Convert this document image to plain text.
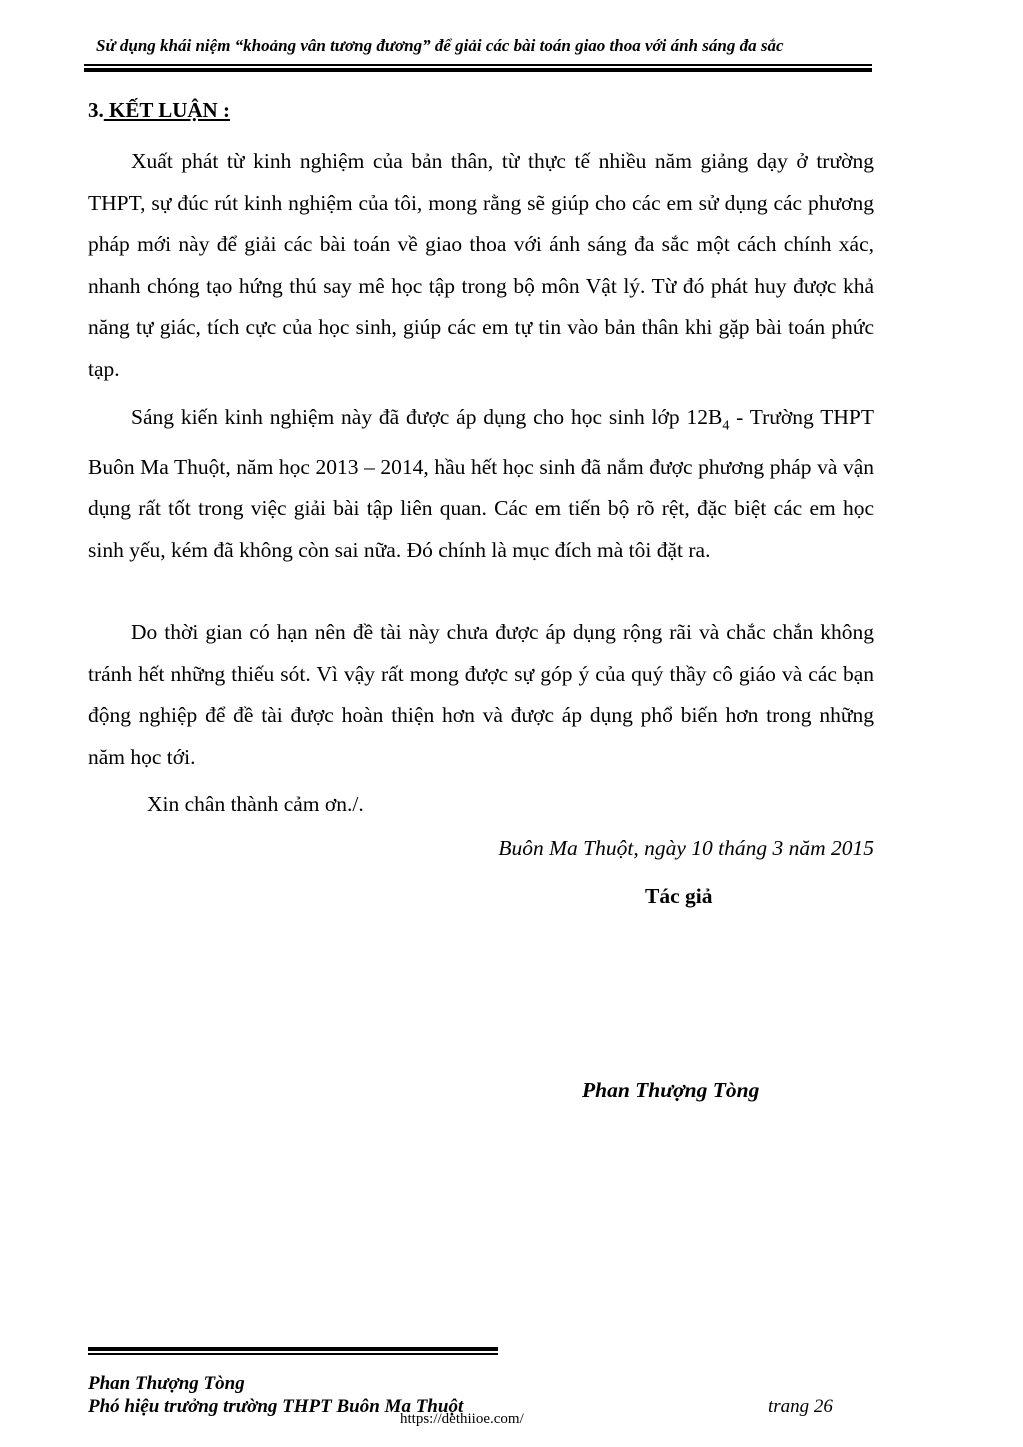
Sử dụng khái niệm “khoảng vân tương đương” để giải các bài toán giao thoa với ánh sáng đa sắc
3. KẾT LUẬN :
Xuất phát từ kinh nghiệm của bản thân, từ thực tế nhiều năm giảng dạy ở trường THPT, sự đúc rút kinh nghiệm của tôi, mong rằng sẽ giúp cho các em sử dụng các phương pháp mới này để giải các bài toán về giao thoa với ánh sáng đa sắc một cách chính xác, nhanh chóng tạo hứng thú say mê học tập trong bộ môn Vật lý. Từ đó phát huy được khả năng tự giác, tích cực của học sinh, giúp các em tự tin vào bản thân khi gặp bài toán phức tạp.
Sáng kiến kinh nghiệm này đã được áp dụng cho học sinh lớp $12B_4$ - Trường THPT Buôn Ma Thuột, năm học 2013 – 2014, hầu hết học sinh đã nắm được phương pháp và vận dụng rất tốt trong việc giải bài tập liên quan. Các em tiến bộ rõ rệt, đặc biệt các em học sinh yếu, kém đã không còn sai nữa. Đó chính là mục đích mà tôi đặt ra.
Do thời gian có hạn nên đề tài này chưa được áp dụng rộng rãi và chắc chắn không tránh hết những thiếu sót. Vì vậy rất mong được sự góp ý của quý thầy cô giáo và các bạn động nghiệp để đề tài được hoàn thiện hơn và được áp dụng phổ biến hơn trong những năm học tới.
Xin chân thành cảm ơn./.
Buôn Ma Thuột, ngày 10 tháng 3 năm 2015
Tác giả
Phan Thượng Tòng
Phan Thượng Tòng
Phó hiệu trưởng trường THPT Buôn Ma Thuột	trang 26
https://dethiioe.com/
